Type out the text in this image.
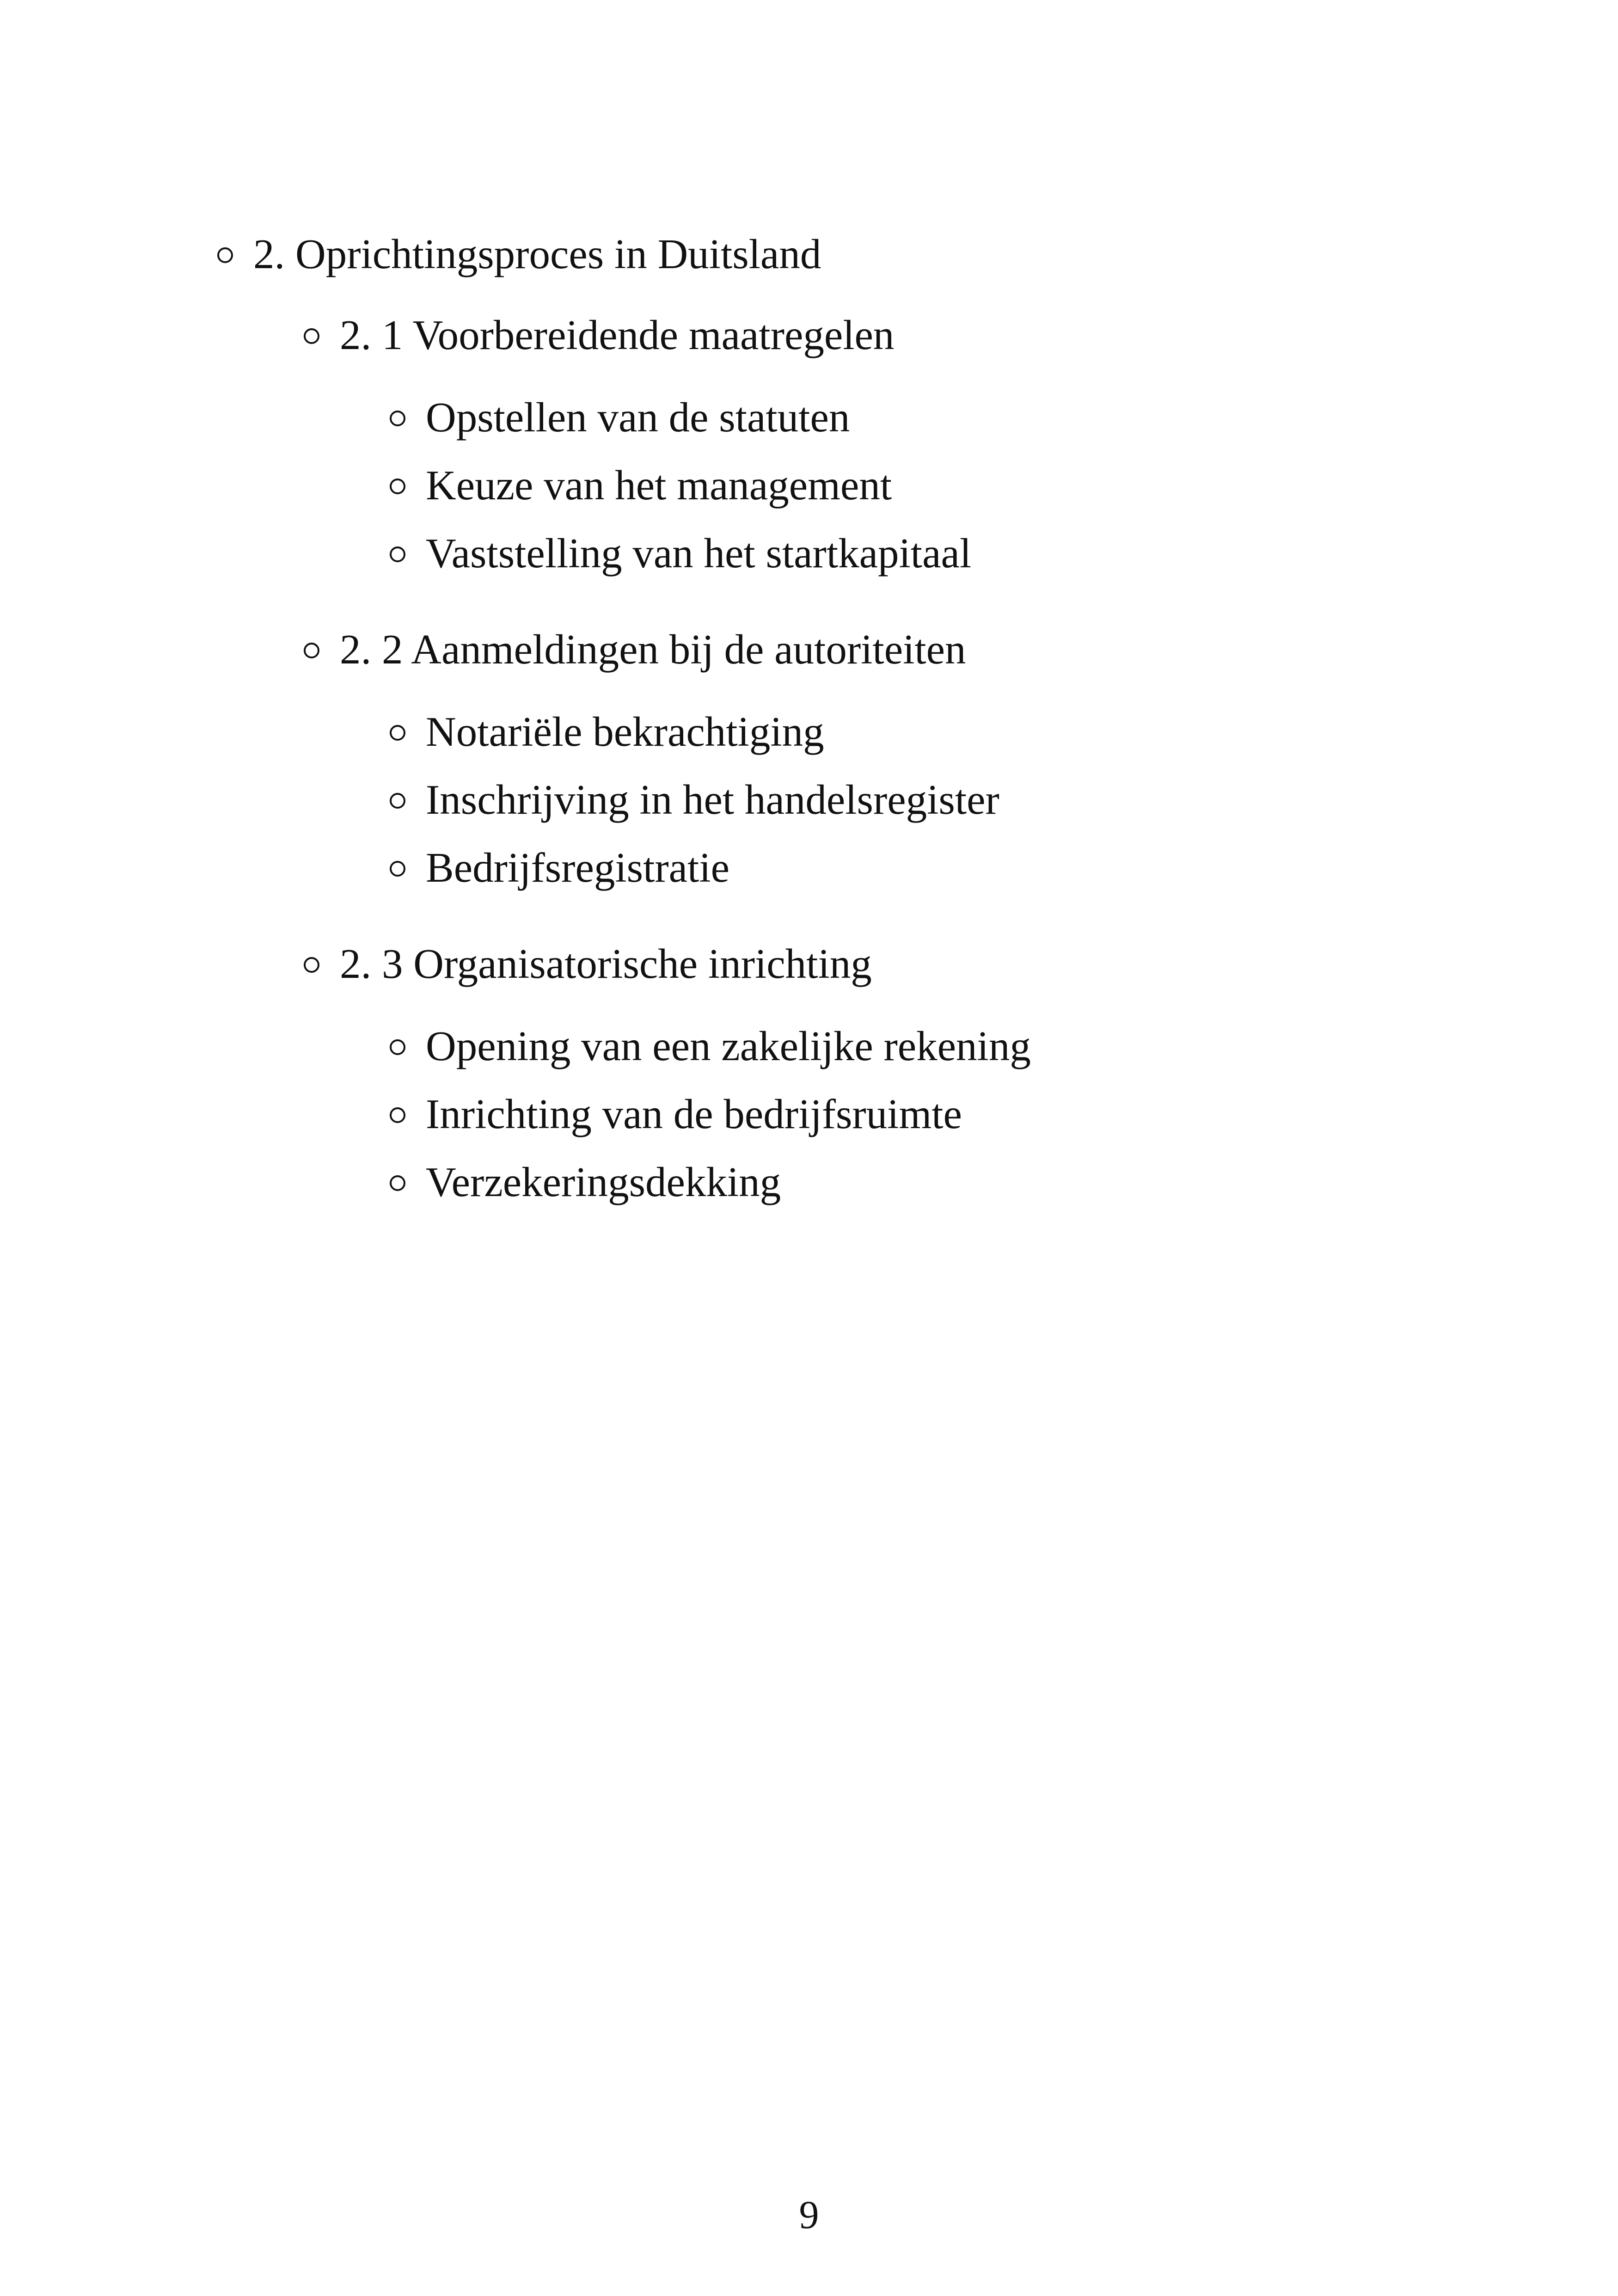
2. Oprichtingsproces in Duitsland
2. 1 Voorbereidende maatregelen
Opstellen van de statuten
Keuze van het management
Vaststelling van het startkapitaal
2. 2 Aanmeldingen bij de autoriteiten
Notariële bekrachtiging
Inschrijving in het handelsregister
Bedrijfsregistratie
2. 3 Organisatorische inrichting
Opening van een zakelijke rekening
Inrichting van de bedrijfsruimte
Verzekeringsdekking
9
